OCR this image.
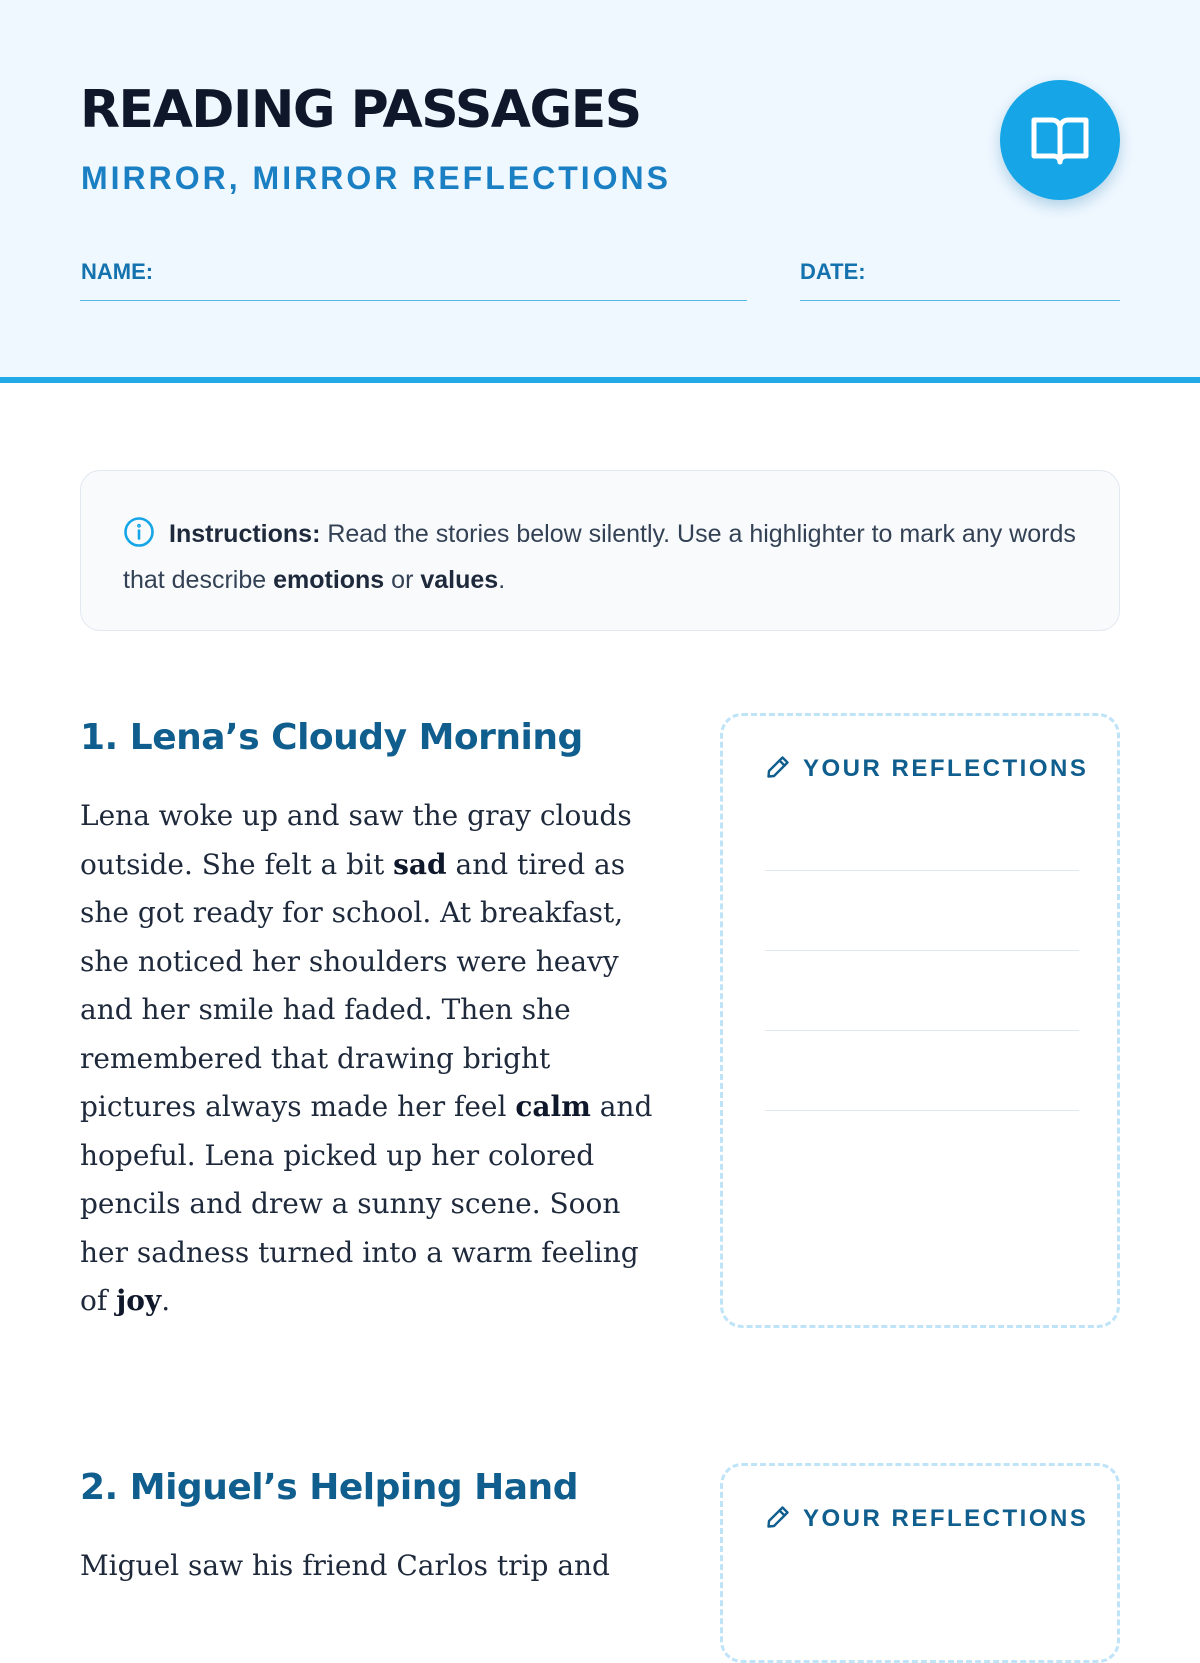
READING PASSAGES
MIRROR, MIRROR REFLECTIONS
NAME:	DATE:
Instructions: Read the stories below silently. Use a highlighter to mark any words that describe emotions or values.
1. Lena’s Cloudy Morning

Lena woke up and saw the gray clouds outside. She felt a bit sad and tired as she got ready for school. At breakfast, she noticed her shoulders were heavy and her smile had faded. Then she remembered that drawing bright pictures always made her feel calm and hopeful. Lena picked up her colored pencils and drew a sunny scene. Soon her sadness turned into a warm feeling of joy.

YOUR REFLECTIONS
2. Miguel’s Helping Hand

Miguel saw his friend Carlos trip and

YOUR REFLECTIONS
